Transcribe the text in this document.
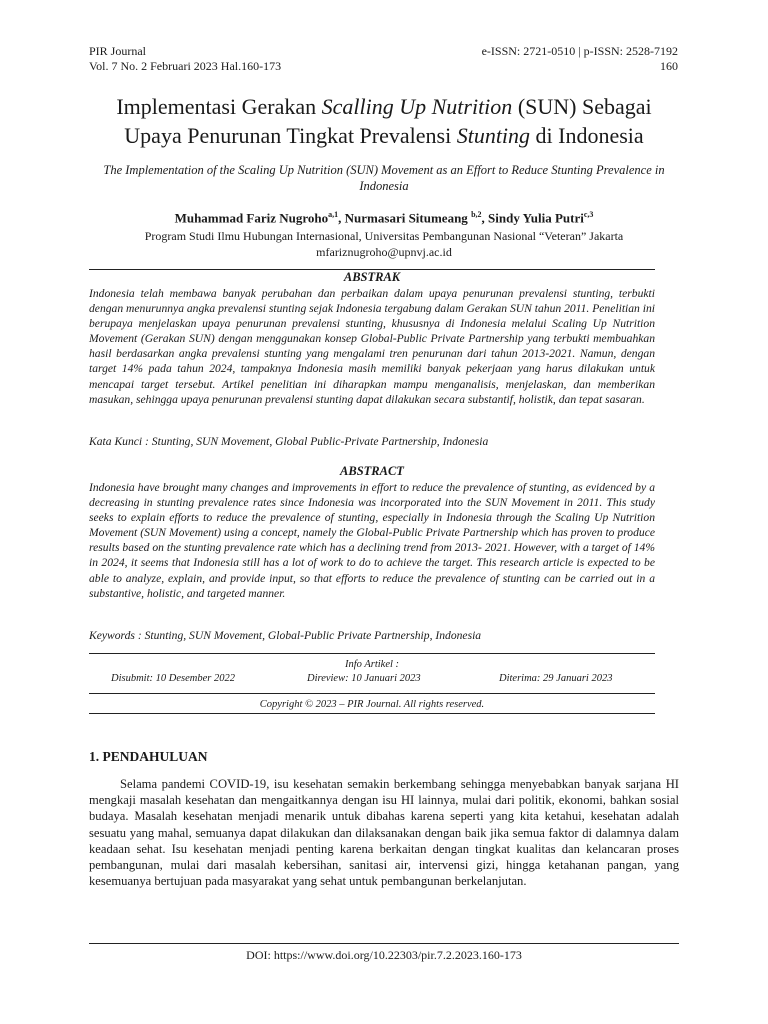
PIR Journal
Vol. 7 No. 2 Februari 2023 Hal.160-173
e-ISSN: 2721-0510 | p-ISSN: 2528-7192
160
Implementasi Gerakan Scalling Up Nutrition (SUN) Sebagai
Upaya Penurunan Tingkat Prevalensi Stunting di Indonesia
The Implementation of the Scaling Up Nutrition (SUN) Movement as an Effort to Reduce Stunting Prevalence in Indonesia
Muhammad Fariz Nugroho$^{a,1}$, Nurmasari Situmeang $^{b,2}$, Sindy Yulia Putri$^{c,3}$
Program Studi Ilmu Hubungan Internasional, Universitas Pembangunan Nasional “Veteran” Jakarta
mfariznugroho@upnvj.ac.id
ABSTRAK

Indonesia telah membawa banyak perubahan dan perbaikan dalam upaya penurunan prevalensi stunting, terbukti dengan menurunnya angka prevalensi stunting sejak Indonesia tergabung dalam Gerakan SUN tahun 2011. Penelitian ini berupaya menjelaskan upaya penurunan prevalensi stunting, khususnya di Indonesia melalui Scaling Up Nutrition Movement (Gerakan SUN) dengan menggunakan konsep Global-Public Private Partnership yang terbukti membuahkan hasil berdasarkan angka prevalensi stunting yang mengalami tren penurunan dari tahun 2013-2021. Namun, dengan target 14% pada tahun 2024, tampaknya Indonesia masih memiliki banyak pekerjaan yang harus dilakukan untuk mencapai target tersebut. Artikel penelitian ini diharapkan mampu menganalisis, menjelaskan, dan memberikan masukan, sehingga upaya penurunan prevalensi stunting dapat dilakukan secara substantif, holistik, dan tepat sasaran.

Kata Kunci : Stunting, SUN Movement, Global Public-Private Partnership, Indonesia
ABSTRACT

Indonesia have brought many changes and improvements in effort to reduce the prevalence of stunting, as evidenced by a decreasing in stunting prevalence rates since Indonesia was incorporated into the SUN Movement in 2011. This study seeks to explain efforts to reduce the prevalence of stunting, especially in Indonesia through the Scaling Up Nutrition Movement (SUN Movement) using a concept, namely the Global-Public Private Partnership which has proven to produce results based on the stunting prevalence rate which has a declining trend from 2013- 2021. However, with a target of 14% in 2024, it seems that Indonesia still has a lot of work to do to achieve the target. This research article is expected to be able to analyze, explain, and provide input, so that efforts to reduce the prevalence of stunting can be carried out in a substantive, holistic, and targeted manner.

Keywords : Stunting, SUN Movement, Global-Public Private Partnership, Indonesia
Info Artikel :
Disubmit: 10 Desember 2022	Direview: 10 Januari 2023	Diterima: 29 Januari 2023
Copyright © 2023 – PIR Journal. All rights reserved.
1. PENDAHULUAN

Selama pandemi COVID-19, isu kesehatan semakin berkembang sehingga menyebabkan banyak sarjana HI mengkaji masalah kesehatan dan mengaitkannya dengan isu HI lainnya, mulai dari politik, ekonomi, bahkan sosial budaya. Masalah kesehatan menjadi menarik untuk dibahas karena seperti yang kita ketahui, kesehatan adalah sesuatu yang mahal, semuanya dapat dilakukan dan dilaksanakan dengan baik jika semua faktor di dalamnya dalam keadaan sehat. Isu kesehatan menjadi penting karena berkaitan dengan tingkat kualitas dan kelancaran proses pembangunan, mulai dari masalah kebersihan, sanitasi air, intervensi gizi, hingga ketahanan pangan, yang kesemuanya bertujuan pada masyarakat yang sehat untuk pembangunan berkelanjutan.

DOI: https://www.doi.org/10.22303/pir.7.2.2023.160-173
